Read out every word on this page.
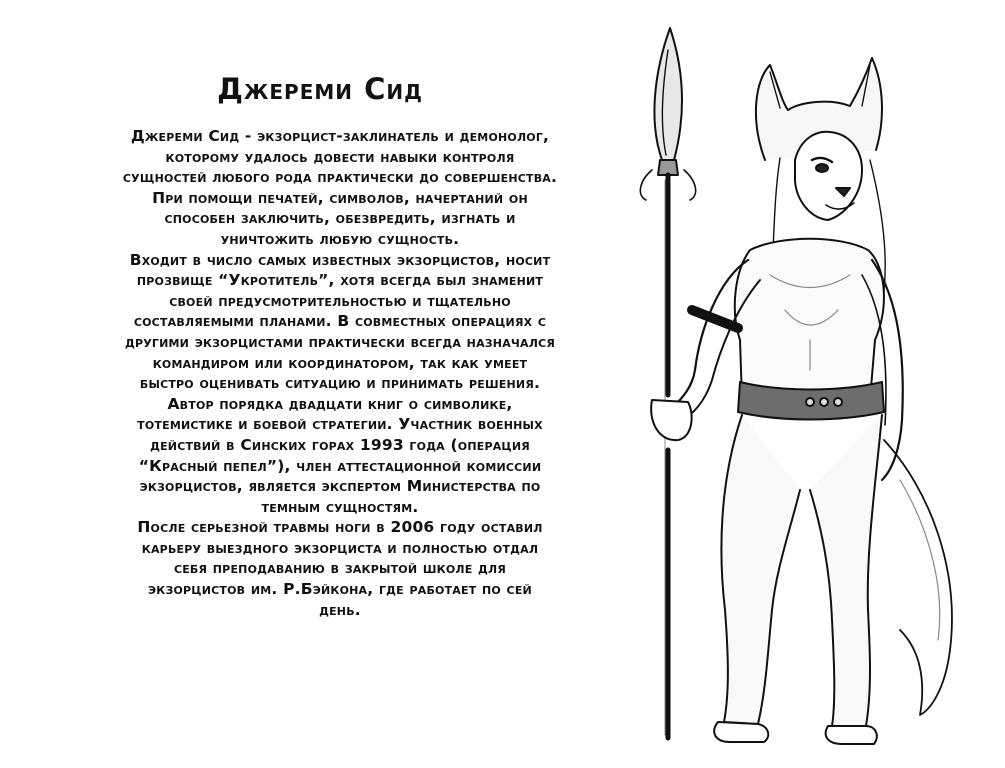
Джереми Сид
Джереми Сид - экзорцист-заклинатель и демонолог,
которому удалось довести навыки контроля
сущностей любого рода практически до совершенства.
При помощи печатей, символов, начертаний он
способен заключить, обезвредить, изгнать и
уничтожить любую сущность.
Входит в число самых известных экзорцистов, носит
прозвище “Укротитель”, хотя всегда был знаменит
своей предусмотрительностью и тщательно
составляемыми планами. В совместных операциях с
другими экзорцистами практически всегда назначался
командиром или координатором, так как умеет
быстро оценивать ситуацию и принимать решения.
Автор порядка двадцати книг о символике,
тотемистике и боевой стратегии. Участник военных
действий в Синских горах 1993 года (операция
“Красный пепел”), член аттестационной комиссии
экзорцистов, является экспертом Министерства по
темным сущностям.
После серьезной травмы ноги в 2006 году оставил
карьеру выездного экзорциста и полностью отдал
себя преподаванию в закрытой школе для
экзорцистов им. Р.Бэйкона, где работает по сей
день.
